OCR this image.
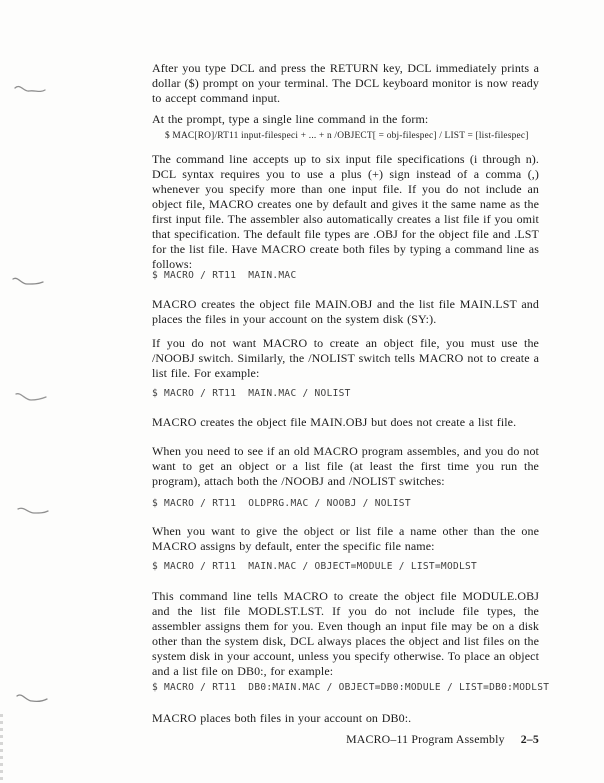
After you type DCL and press the RETURN key, DCL immediately prints a dollar ($) prompt on your terminal. The DCL keyboard monitor is now ready to accept command input.

At the prompt, type a single line command in the form:

$ MAC[RO]/RT11 input-filespeci + ... + n /OBJECT[ = obj-filespec] / LIST = [list-filespec]

The command line accepts up to six input file specifications (i through n). DCL syntax requires you to use a plus (+) sign instead of a comma (,) whenever you specify more than one input file. If you do not include an object file, MACRO creates one by default and gives it the same name as the first input file. The assembler also automatically creates a list file if you omit that specification. The default file types are .OBJ for the object file and .LST for the list file. Have MACRO create both files by typing a command line as follows:

$ MACRO / RT11  MAIN.MAC

MACRO creates the object file MAIN.OBJ and the list file MAIN.LST and places the files in your account on the system disk (SY:).

If you do not want MACRO to create an object file, you must use the /NOOBJ switch. Similarly, the /NOLIST switch tells MACRO not to create a list file. For example:

$ MACRO / RT11  MAIN.MAC / NOLIST

MACRO creates the object file MAIN.OBJ but does not create a list file.

When you need to see if an old MACRO program assembles, and you do not want to get an object or a list file (at least the first time you run the program), attach both the /NOOBJ and /NOLIST switches:

$ MACRO / RT11  OLDPRG.MAC / NOOBJ / NOLIST

When you want to give the object or list file a name other than the one MACRO assigns by default, enter the specific file name:

$ MACRO / RT11  MAIN.MAC / OBJECT=MODULE / LIST=MODLST

This command line tells MACRO to create the object file MODULE.OBJ and the list file MODLST.LST. If you do not include file types, the assembler assigns them for you. Even though an input file may be on a disk other than the system disk, DCL always places the object and list files on the system disk in your account, unless you specify otherwise. To place an object and a list file on DB0:, for example:

$ MACRO / RT11  DB0:MAIN.MAC / OBJECT=DB0:MODULE / LIST=DB0:MODLST

MACRO places both files in your account on DB0:.

MACRO–11 Program Assembly 2–5
